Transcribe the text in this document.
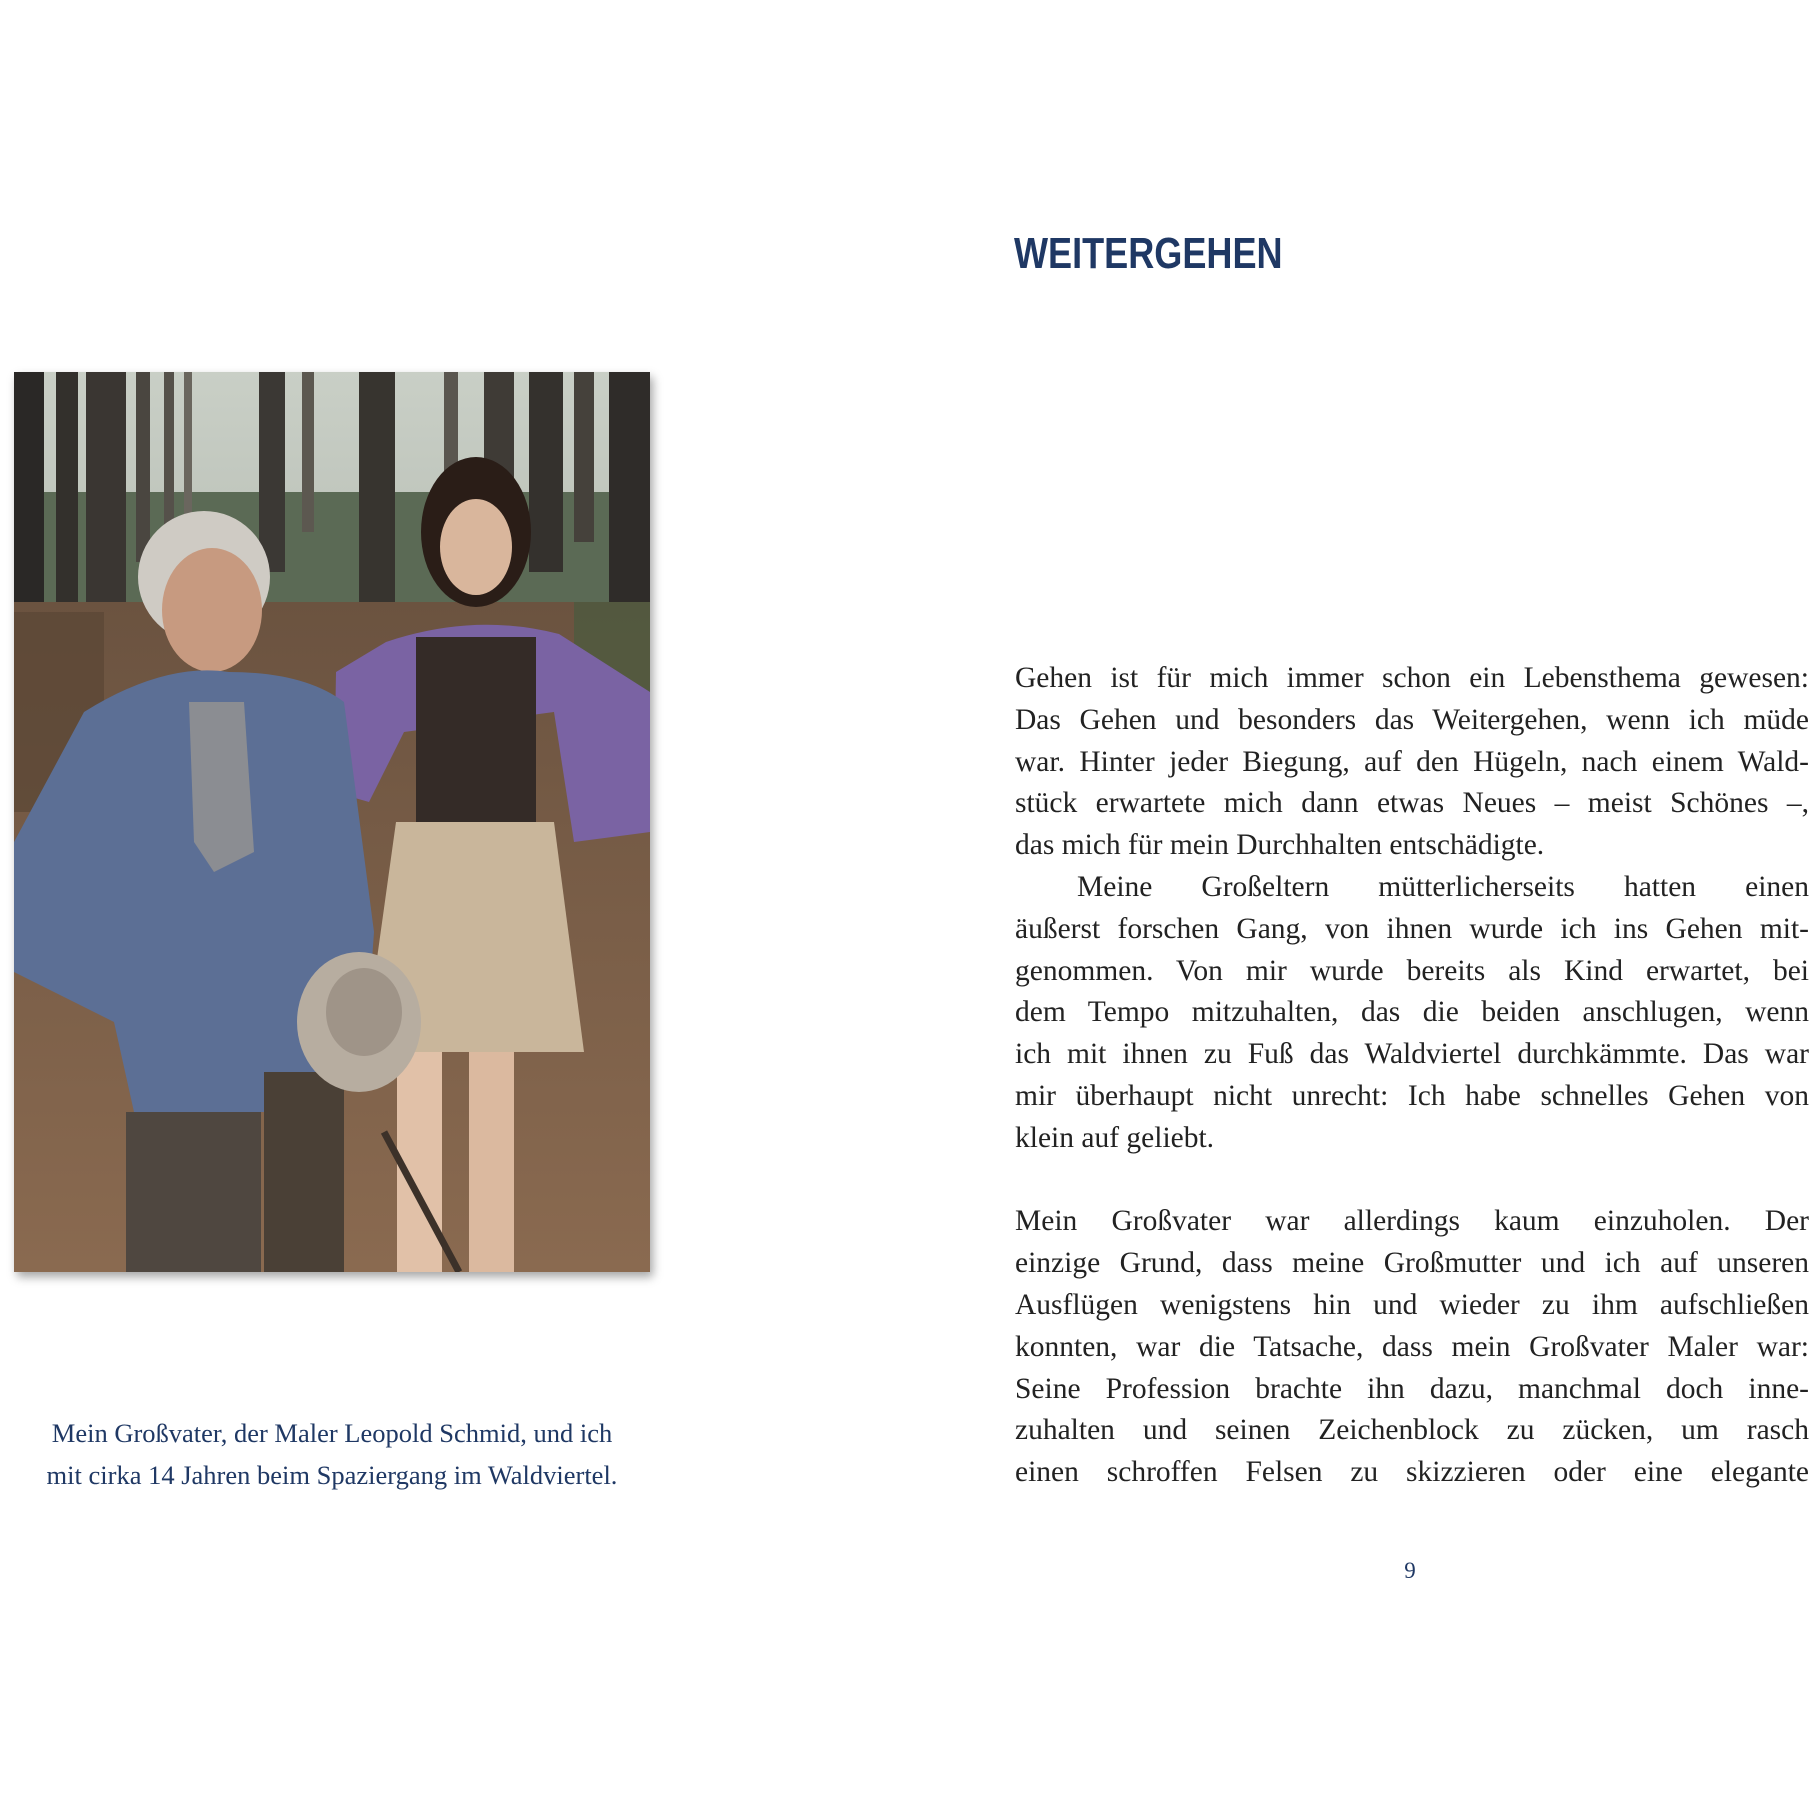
Mein Großvater, der Maler Leopold Schmid, und ich
mit cirka 14 Jahren beim Spaziergang im Waldviertel.
WEITERGEHEN

Gehen ist für mich immer schon ein Lebensthema gewesen:
Das Gehen und besonders das Weitergehen, wenn ich müde
war. Hinter jeder Biegung, auf den Hügeln, nach einem Wald-
stück erwartete mich dann etwas Neues – meist Schönes –,
das mich für mein Durchhalten entschädigte.

Meine Großeltern mütterlicherseits hatten einen
äußerst forschen Gang, von ihnen wurde ich ins Gehen mit-
genommen. Von mir wurde bereits als Kind erwartet, bei
dem Tempo mitzuhalten, das die beiden anschlugen, wenn
ich mit ihnen zu Fuß das Waldviertel durchkämmte. Das war
mir überhaupt nicht unrecht: Ich habe schnelles Gehen von
klein auf geliebt.

Mein Großvater war allerdings kaum einzuholen. Der
einzige Grund, dass meine Großmutter und ich auf unseren
Ausflügen wenigstens hin und wieder zu ihm aufschließen
konnten, war die Tatsache, dass mein Großvater Maler war:
Seine Profession brachte ihn dazu, manchmal doch inne-
zuhalten und seinen Zeichenblock zu zücken, um rasch
einen schroffen Felsen zu skizzieren oder eine elegante

9
